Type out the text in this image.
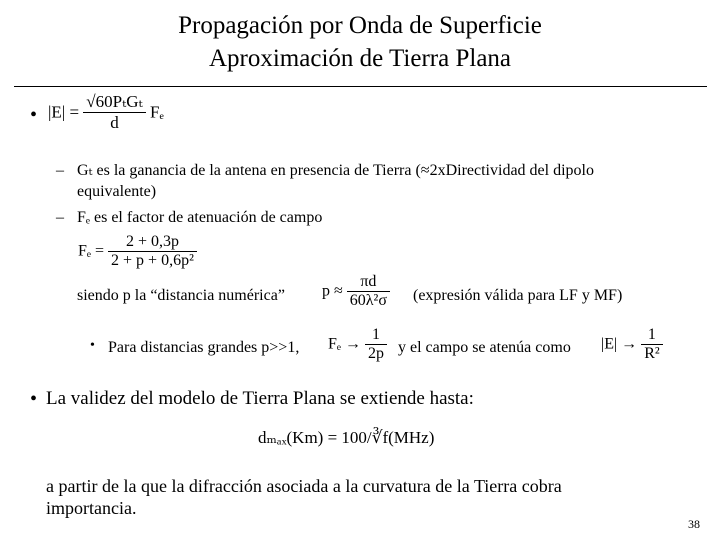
Propagación por Onda de Superficie
Aproximación de Tierra Plana
• $|E| = \frac{\text{√60PₜGₜ}}{d}$ Fₑ
– Gₜ es la ganancia de la antena en presencia de Tierra (≈2xDirectividad del dipolo equivalente)
– Fₑ es el factor de atenuación de campo
$F_e = \frac{2 + 0,3p}{\text{2 + p + 0,6p²}}$
siendo p la “distancia numérica” $p \approx \frac{\pi d}{\text{60λ²σ}}$ (expresión válida para LF y MF)
• Para distancias grandes p>>1, $F_e \to \frac{1}{2p}$ y el campo se atenúa como $|E| \to \frac{1}{\text{R²}}$
• La validez del modelo de Tierra Plana se extiende hasta:
dₘₐₓ(Km) = 100/∛f(MHz)
a partir de la que la difracción asociada a la curvatura de la Tierra cobra importancia.
38
